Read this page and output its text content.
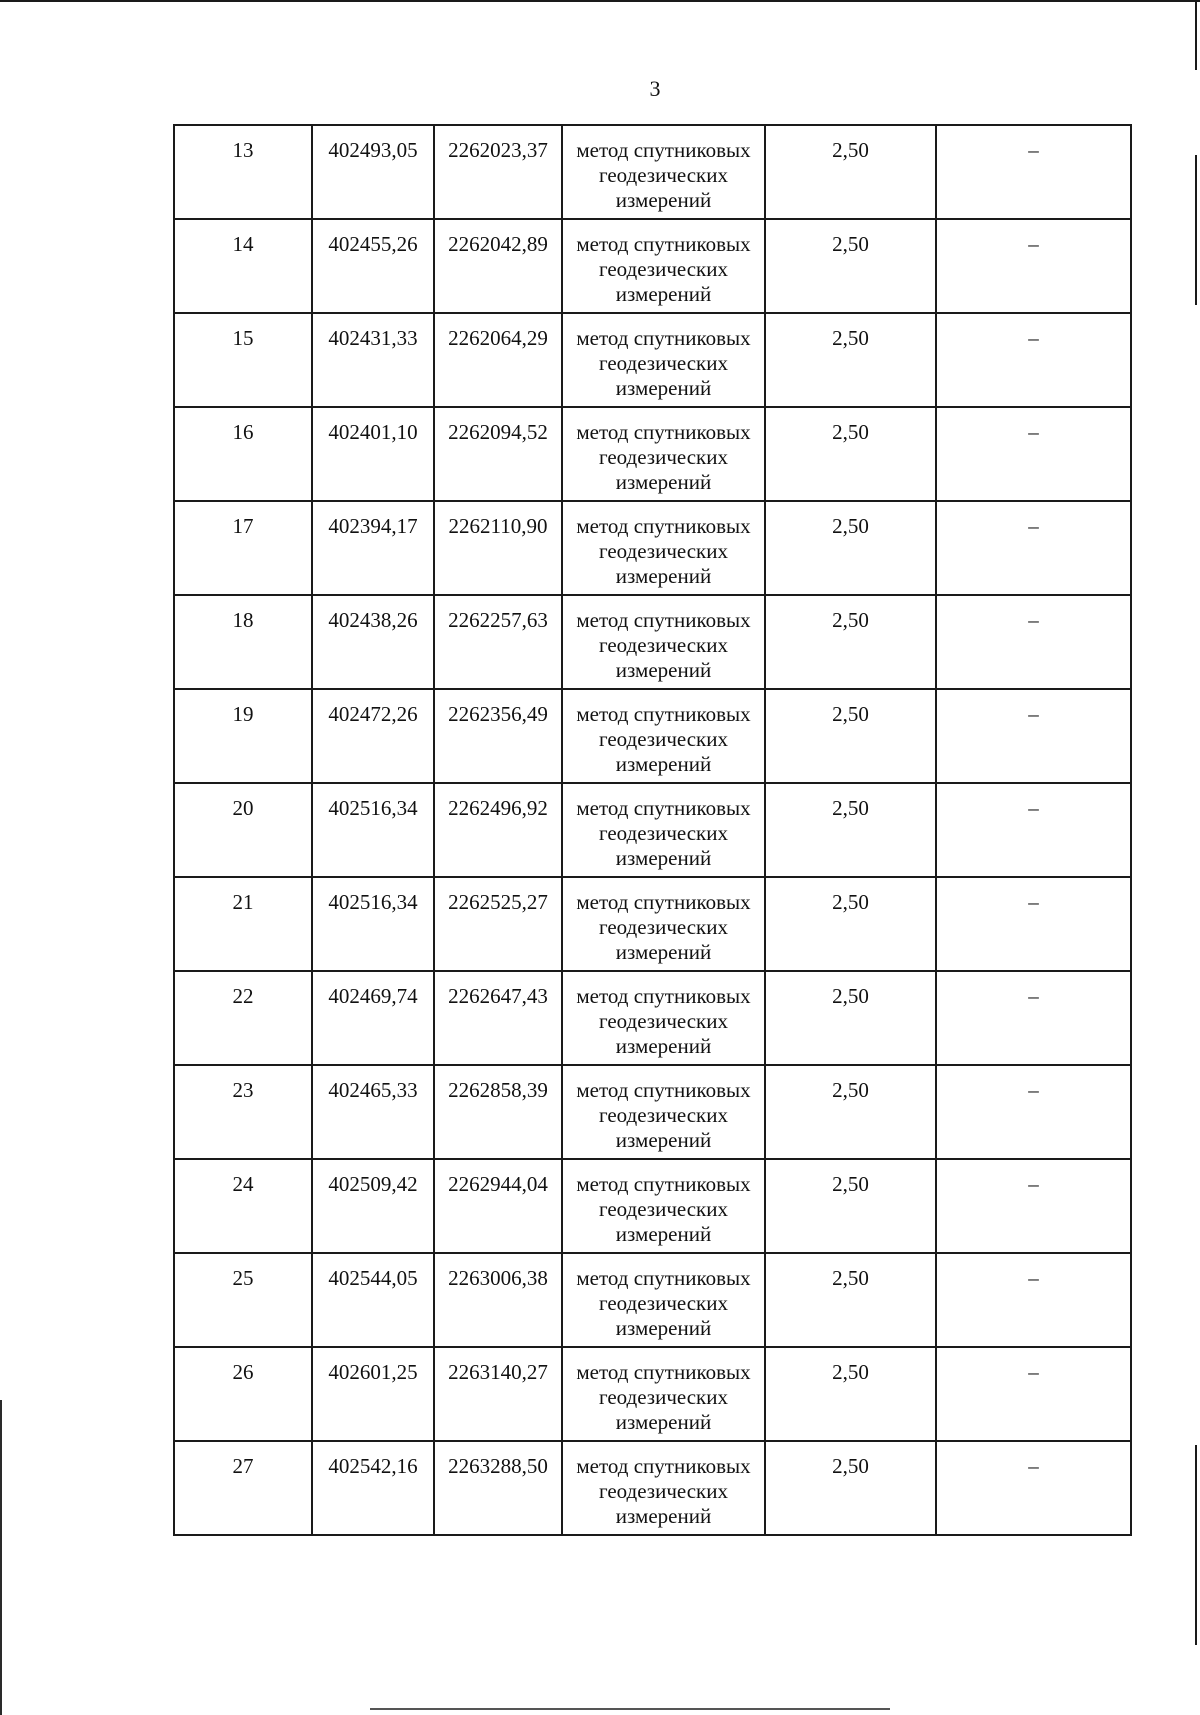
3
13	402493,05	2262023,37	метод спутниковых геодезических измерений	2,50	–
14	402455,26	2262042,89	метод спутниковых геодезических измерений	2,50	–
15	402431,33	2262064,29	метод спутниковых геодезических измерений	2,50	–
16	402401,10	2262094,52	метод спутниковых геодезических измерений	2,50	–
17	402394,17	2262110,90	метод спутниковых геодезических измерений	2,50	–
18	402438,26	2262257,63	метод спутниковых геодезических измерений	2,50	–
19	402472,26	2262356,49	метод спутниковых геодезических измерений	2,50	–
20	402516,34	2262496,92	метод спутниковых геодезических измерений	2,50	–
21	402516,34	2262525,27	метод спутниковых геодезических измерений	2,50	–
22	402469,74	2262647,43	метод спутниковых геодезических измерений	2,50	–
23	402465,33	2262858,39	метод спутниковых геодезических измерений	2,50	–
24	402509,42	2262944,04	метод спутниковых геодезических измерений	2,50	–
25	402544,05	2263006,38	метод спутниковых геодезических измерений	2,50	–
26	402601,25	2263140,27	метод спутниковых геодезических измерений	2,50	–
27	402542,16	2263288,50	метод спутниковых геодезических измерений	2,50	–
